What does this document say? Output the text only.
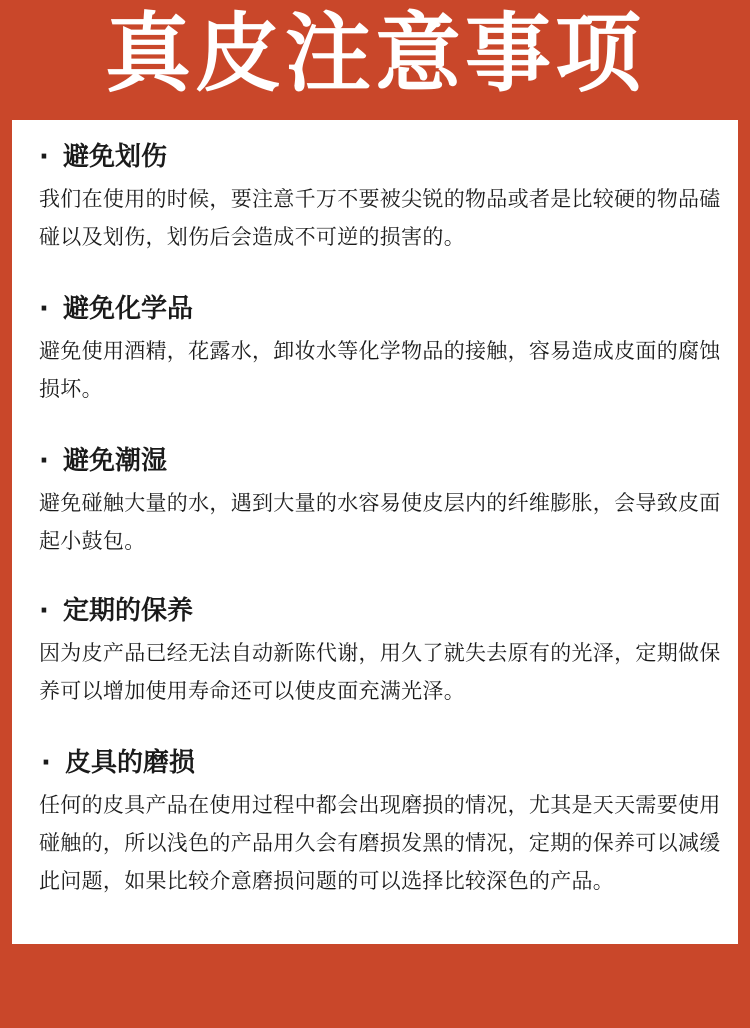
真皮注意事项

· 避免划伤

我们在使用的时候，要注意千万不要被尖锐的物品或者是比较硬的物品磕碰以及划伤，划伤后会造成不可逆的损害的。

· 避免化学品

避免使用酒精，花露水，卸妆水等化学物品的接触，容易造成皮面的腐蚀损坏。

· 避免潮湿

避免碰触大量的水，遇到大量的水容易使皮层内的纤维膨胀，会导致皮面起小鼓包。

· 定期的保养

因为皮产品已经无法自动新陈代谢，用久了就失去原有的光泽，定期做保养可以增加使用寿命还可以使皮面充满光泽。

· 皮具的磨损

任何的皮具产品在使用过程中都会出现磨损的情况，尤其是天天需要使用碰触的，所以浅色的产品用久会有磨损发黑的情况，定期的保养可以减缓此问题，如果比较介意磨损问题的可以选择比较深色的产品。
